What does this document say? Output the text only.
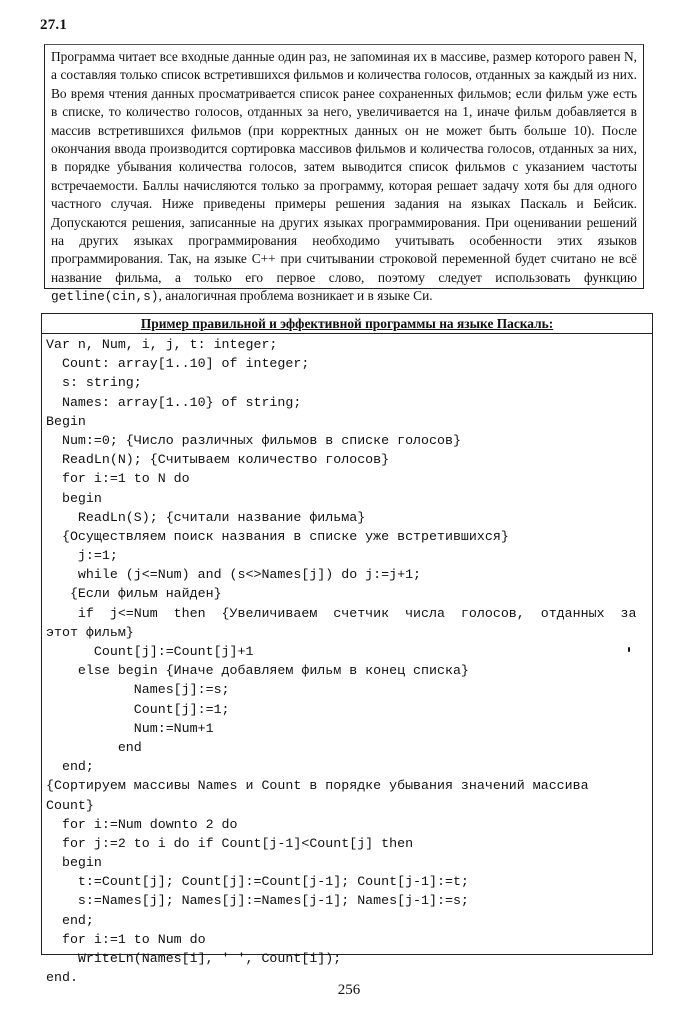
27.1

Программа читает все входные данные один раз, не запоминая их в массиве, размер которого равен N, а составляя только список встретившихся фильмов и количества голосов, отданных за каждый из них. Во время чтения данных просматривается список ранее сохраненных фильмов; если фильм уже есть в списке, то количество голосов, отданных за него, увеличивается на 1, иначе фильм добавляется в массив встретившихся фильмов (при корректных данных он не может быть больше 10). После окончания ввода производится сортировка массивов фильмов и количества голосов, отданных за них, в порядке убывания количества голосов, затем выводится список фильмов с указанием частоты встречаемости. Баллы начисляются только за программу, которая решает задачу хотя бы для одного частного случая. Ниже приведены примеры решения задания на языках Паскаль и Бейсик. Допускаются решения, записанные на других языках программирования. При оценивании решений на других языках программирования необходимо учитывать особенности этих языков программирования. Так, на языке C++ при считывании строковой переменной будет считано не всё название фильма, а только его первое слово, поэтому следует использовать функцию getline(cin,s), аналогичная проблема возникает и в языке Си.

Пример правильной и эффективной программы на языке Паскаль:
Var n, Num, i, j, t: integer;
Count: array[1..10] of integer;
s: string;
Names: array[1..10} of string;
Begin
Num:=0; {Число различных фильмов в списке голосов}
ReadLn(N); {Считываем количество голосов}
for i:=1 to N do
begin
ReadLn(S); {считали название фильма}
{Осуществляем поиск названия в списке уже встретившихся}
j:=1;
while (j<=Num) and (s<>Names[j]) do j:=j+1;
{Если фильм найден}
if  j<=Num  then  {Увеличиваем  счетчик  числа  голосов,  отданных  за
этот фильм}
Count[j]:=Count[j]+1
else begin {Иначе добавляем фильм в конец списка}
Names[j]:=s;
Count[j]:=1;
Num:=Num+1
end
end;
{Сортируем массивы Names и Count в порядке убывания значений массива
Count}
for i:=Num downto 2 do
for j:=2 to i do if Count[j-1]<Count[j] then
begin
t:=Count[j]; Count[j]:=Count[j-1]; Count[j-1]:=t;
s:=Names[j]; Names[j]:=Names[j-1]; Names[j-1]:=s;
end;
for i:=1 to Num do
WriteLn(Names[i], ' ', Count[i]);
end.
256
